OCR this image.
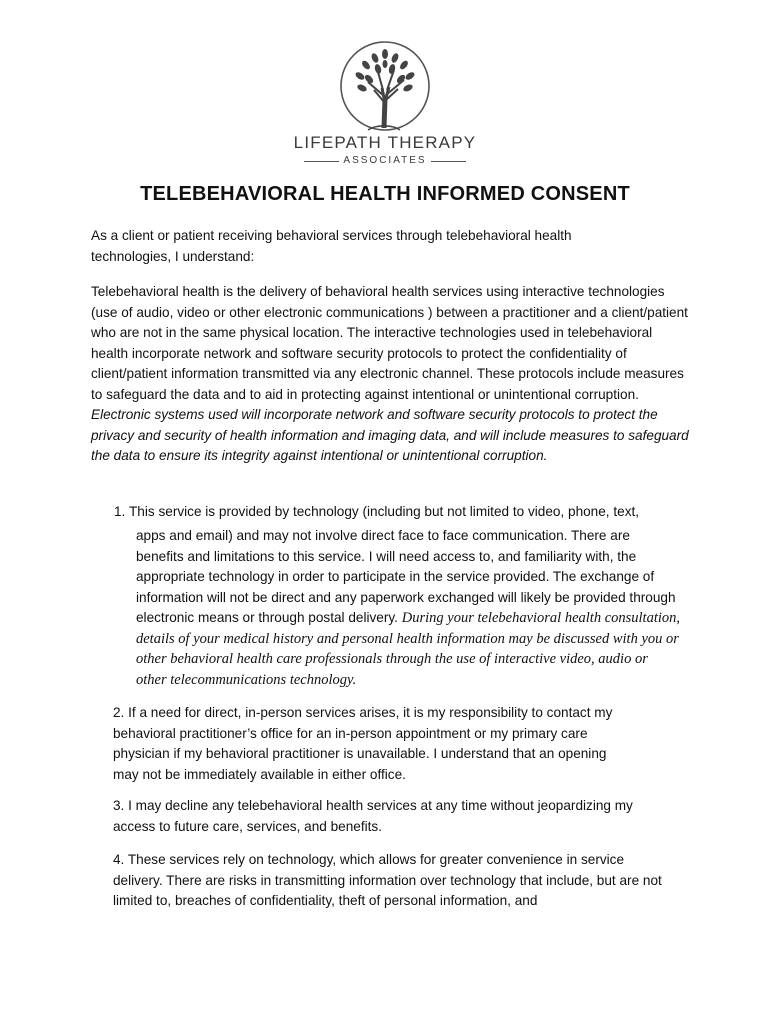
LIFEPATH THERAPY
ASSOCIATES
TELEBEHAVIORAL HEALTH INFORMED CONSENT

As a client or patient receiving behavioral services through telebehavioral health technologies, I understand:

Telebehavioral health is the delivery of behavioral health services using interactive technologies (use of audio, video or other electronic communications ) between a practitioner and a client/patient who are not in the same physical location. The interactive technologies used in telebehavioral health incorporate network and software security protocols to protect the confidentiality of client/patient information transmitted via any electronic channel. These protocols include measures to safeguard the data and to aid in protecting against intentional or unintentional corruption. Electronic systems used will incorporate network and software security protocols to protect the privacy and security of health information and imaging data, and will include measures to safeguard the data to ensure its integrity against intentional or unintentional corruption.

1. This service is provided by technology (including but not limited to video, phone, text,
apps and email) and may not involve direct face to face communication. There are benefits and limitations to this service. I will need access to, and familiarity with, the appropriate technology in order to participate in the service provided. The exchange of information will not be direct and any paperwork exchanged will likely be provided through electronic means or through postal delivery. During your telebehavioral health consultation, details of your medical history and personal health information may be discussed with you or other behavioral health care professionals through the use of interactive video, audio or other telecommunications technology.

2. If a need for direct, in-person services arises, it is my responsibility to contact my behavioral practitioner’s office for an in-person appointment or my primary care physician if my behavioral practitioner is unavailable. I understand that an opening may not be immediately available in either office.

3. I may decline any telebehavioral health services at any time without jeopardizing my access to future care, services, and benefits.

4. These services rely on technology, which allows for greater convenience in service delivery. There are risks in transmitting information over technology that include, but are not limited to, breaches of confidentiality, theft of personal information, and
